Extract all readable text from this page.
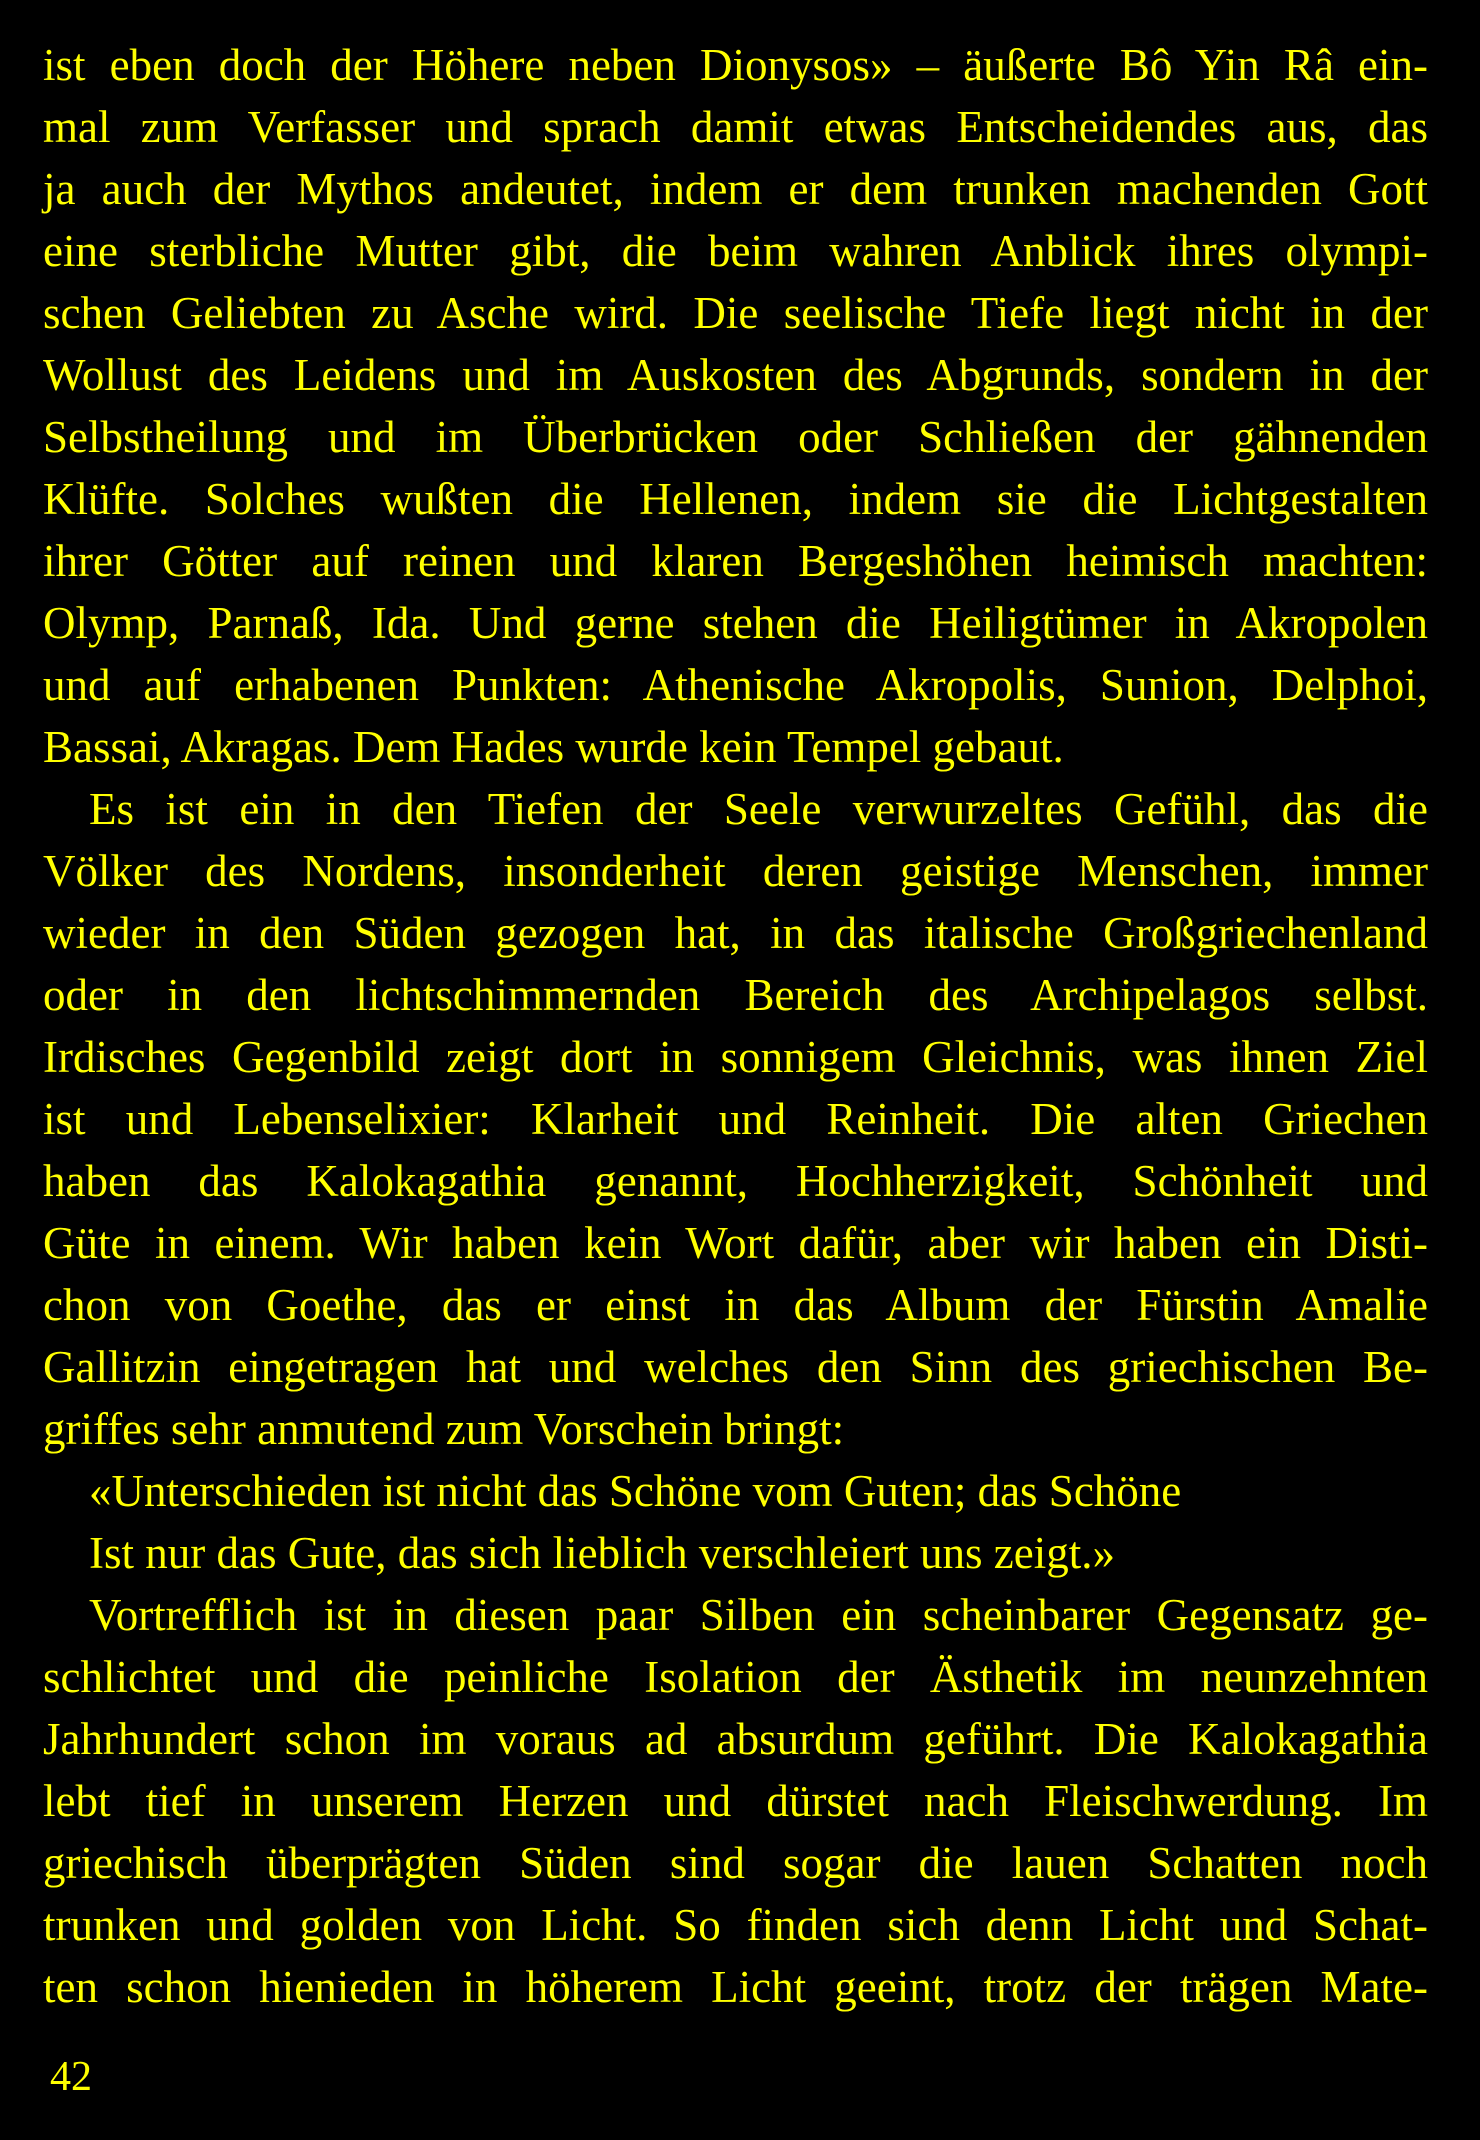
ist eben doch der Höhere neben Dionysos» – äußerte Bô Yin Râ ein-
mal zum Verfasser und sprach damit etwas Entscheidendes aus, das
ja auch der Mythos andeutet, indem er dem trunken machenden Gott
eine sterbliche Mutter gibt, die beim wahren Anblick ihres olympi-
schen Geliebten zu Asche wird. Die seelische Tiefe liegt nicht in der
Wollust des Leidens und im Auskosten des Abgrunds, sondern in der
Selbstheilung und im Überbrücken oder Schließen der gähnenden
Klüfte. Solches wußten die Hellenen, indem sie die Lichtgestalten
ihrer Götter auf reinen und klaren Bergeshöhen heimisch machten:
Olymp, Parnaß, Ida. Und gerne stehen die Heiligtümer in Akropolen
und auf erhabenen Punkten: Athenische Akropolis, Sunion, Delphoi,
Bassai, Akragas. Dem Hades wurde kein Tempel gebaut.
Es ist ein in den Tiefen der Seele verwurzeltes Gefühl, das die
Völker des Nordens, insonderheit deren geistige Menschen, immer
wieder in den Süden gezogen hat, in das italische Großgriechenland
oder in den lichtschimmernden Bereich des Archipelagos selbst.
Irdisches Gegenbild zeigt dort in sonnigem Gleichnis, was ihnen Ziel
ist und Lebenselixier: Klarheit und Reinheit. Die alten Griechen
haben das Kalokagathia genannt, Hochherzigkeit, Schönheit und
Güte in einem. Wir haben kein Wort dafür, aber wir haben ein Disti-
chon von Goethe, das er einst in das Album der Fürstin Amalie
Gallitzin eingetragen hat und welches den Sinn des griechischen Be-
griffes sehr anmutend zum Vorschein bringt:
«Unterschieden ist nicht das Schöne vom Guten; das Schöne
Ist nur das Gute, das sich lieblich verschleiert uns zeigt.»
Vortrefflich ist in diesen paar Silben ein scheinbarer Gegensatz ge-
schlichtet und die peinliche Isolation der Ästhetik im neunzehnten
Jahrhundert schon im voraus ad absurdum geführt. Die Kalokagathia
lebt tief in unserem Herzen und dürstet nach Fleischwerdung. Im
griechisch überprägten Süden sind sogar die lauen Schatten noch
trunken und golden von Licht. So finden sich denn Licht und Schat-
ten schon hienieden in höherem Licht geeint, trotz der trägen Mate-
42
